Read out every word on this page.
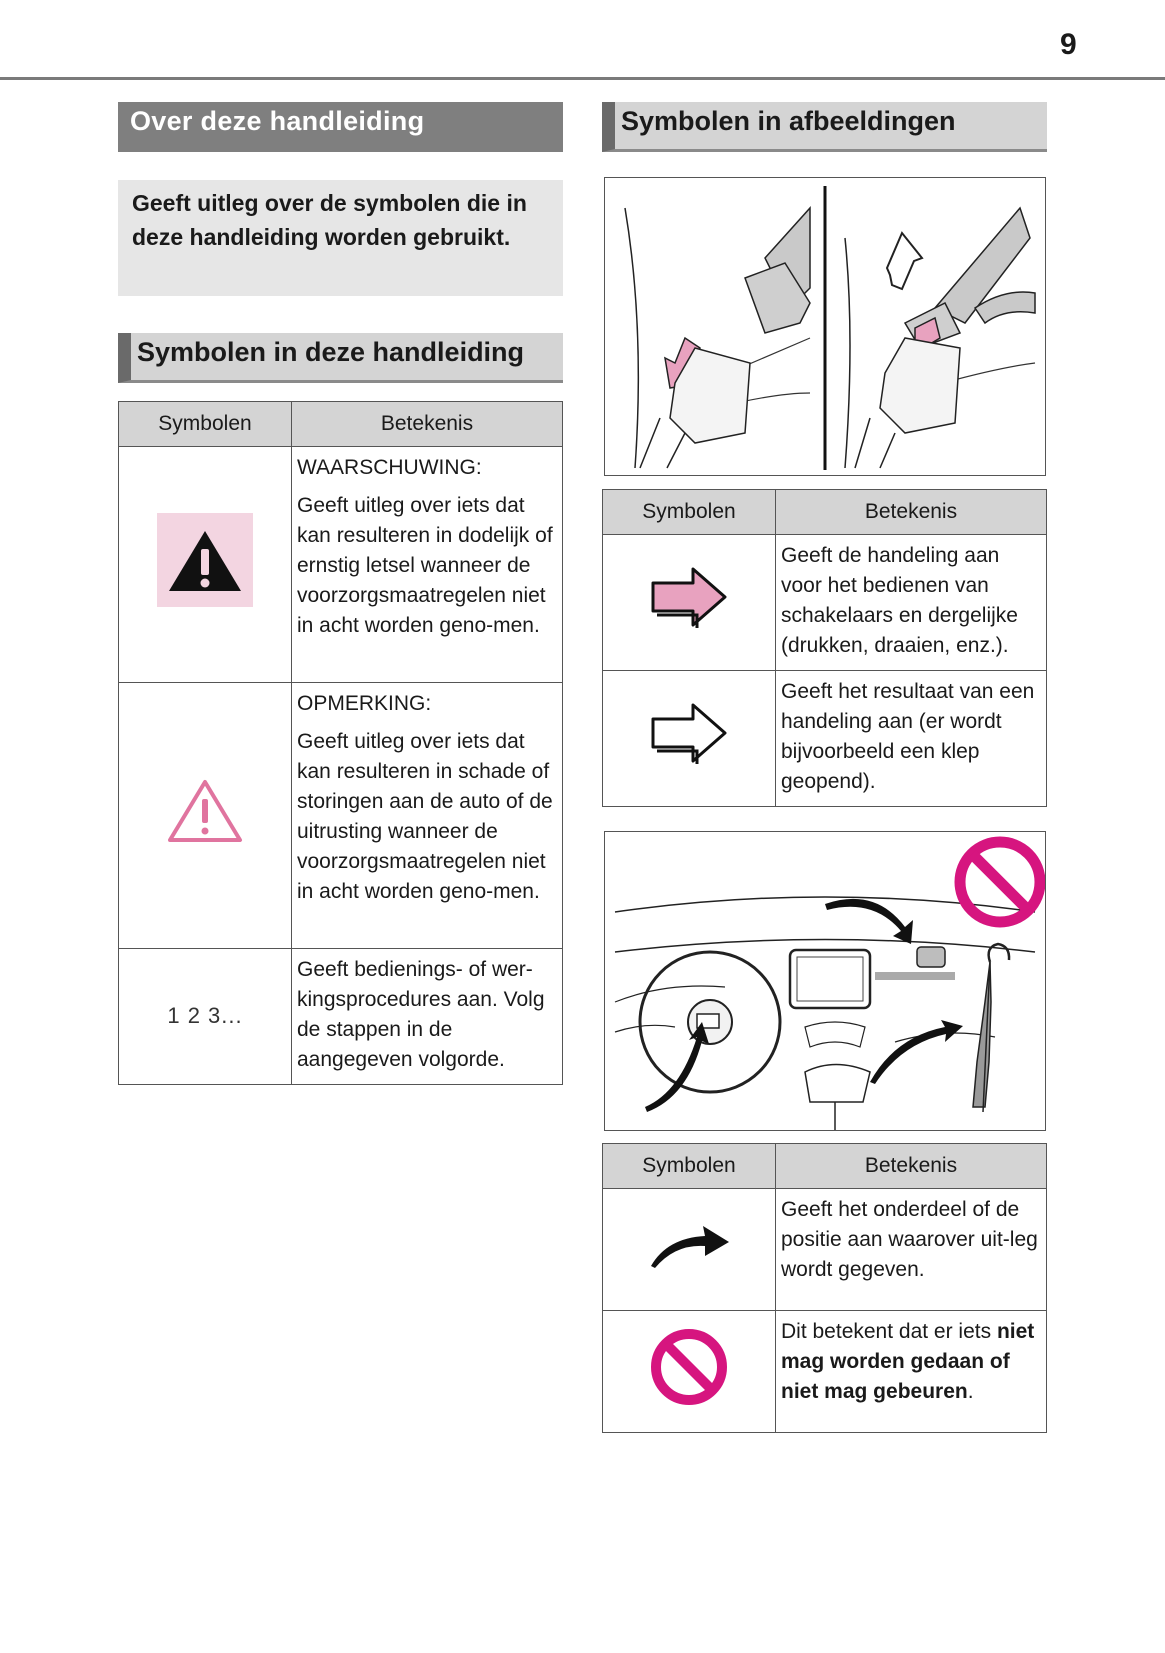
9
Over deze handleiding
Geeft uitleg over de symbolen die in deze handleiding worden gebruikt.
Symbolen in deze handleiding
Symbolen	Betekenis

WAARSCHUWING:

Geeft uitleg over iets dat kan resulteren in dodelijk of ernstig letsel wanneer de voorzorgsmaatregelen niet in acht worden geno-men.

OPMERKING:

Geeft uitleg over iets dat kan resulteren in schade of storingen aan de auto of de uitrusting wanneer de voorzorgsmaatregelen niet in acht worden geno-men.

1 2 3...	Geeft bedienings- of wer-kingsprocedures aan. Volg de stappen in de aangegeven volgorde.

Symbolen in afbeeldingen
Symbolen	Betekenis

Geeft de handeling aan voor het bedienen van schakelaars en dergelijke (drukken, draaien, enz.).

Geeft het resultaat van een handeling aan (er wordt bijvoorbeeld een klep geopend).

Symbolen	Betekenis

Geeft het onderdeel of de positie aan waarover uit-leg wordt gegeven.

Dit betekent dat er iets niet mag worden gedaan of niet mag gebeuren.
